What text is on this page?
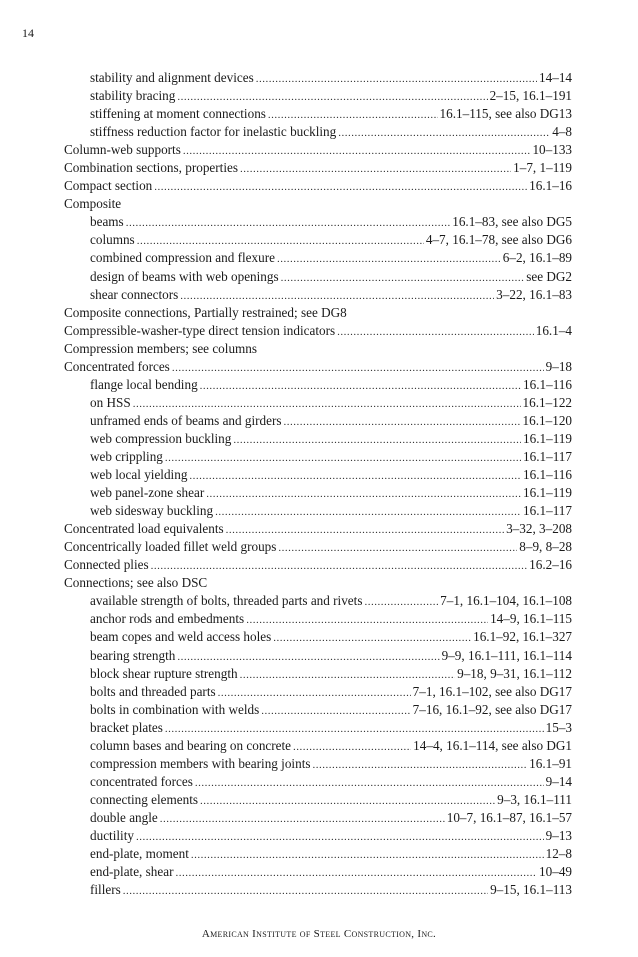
14
stability and alignment devices .....	14–14
stability bracing .....	2–15, 16.1–191
stiffening at moment connections .....	16.1–115, see also DG13
stiffness reduction factor for inelastic buckling .....	4–8
Column-web supports .....	10–133
Combination sections, properties .....	1–7, 1–119
Compact section .....	16.1–16
Composite
beams .....	16.1–83, see also DG5
columns .....	4–7, 16.1–78, see also DG6
combined compression and flexure .....	6–2, 16.1–89
design of beams with web openings .....	see DG2
shear connectors .....	3–22, 16.1–83
Composite connections, Partially restrained; see DG8
Compressible-washer-type direct tension indicators .....	16.1–4
Compression members; see columns
Concentrated forces .....	9–18
flange local bending .....	16.1–116
on HSS .....	16.1–122
unframed ends of beams and girders .....	16.1–120
web compression buckling .....	16.1–119
web crippling .....	16.1–117
web local yielding .....	16.1–116
web panel-zone shear .....	16.1–119
web sidesway buckling .....	16.1–117
Concentrated load equivalents .....	3–32, 3–208
Concentrically loaded fillet weld groups .....	8–9, 8–28
Connected plies .....	16.2–16
Connections; see also DSC
available strength of bolts, threaded parts and rivets .....	7–1, 16.1–104, 16.1–108
anchor rods and embedments .....	14–9, 16.1–115
beam copes and weld access holes .....	16.1–92, 16.1–327
bearing strength .....	9–9, 16.1–111, 16.1–114
block shear rupture strength .....	9–18, 9–31, 16.1–112
bolts and threaded parts .....	7–1, 16.1–102, see also DG17
bolts in combination with welds .....	7–16, 16.1–92, see also DG17
bracket plates .....	15–3
column bases and bearing on concrete .....	14–4, 16.1–114, see also DG1
compression members with bearing joints .....	16.1–91
concentrated forces .....	9–14
connecting elements .....	9–3, 16.1–111
double angle .....	10–7, 16.1–87, 16.1–57
ductility .....	9–13
end-plate, moment .....	12–8
end-plate, shear .....	10–49
fillers .....	9–15, 16.1–113
American Institute of Steel Construction, Inc.
